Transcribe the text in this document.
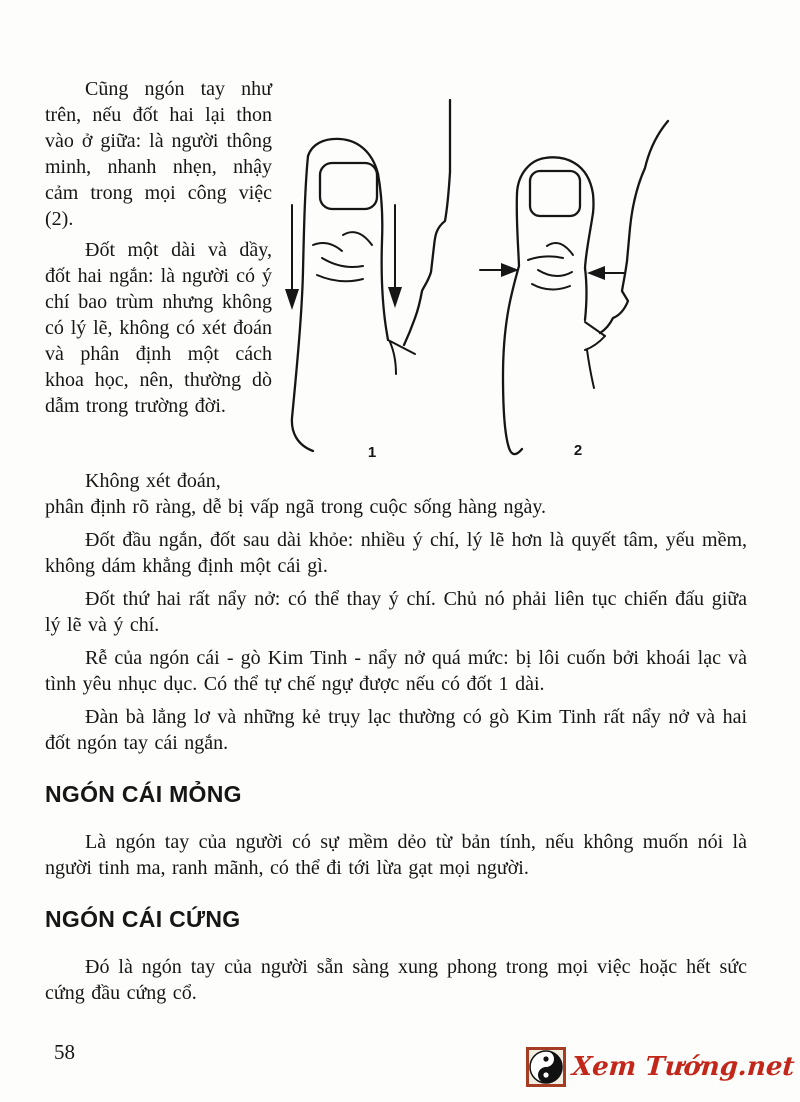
Cũng ngón tay như trên, nếu đốt hai lại thon vào ở giữa: là người thông minh, nhanh nhẹn, nhậy cảm trong mọi công việc (2).

Đốt một dài và dầy, đốt hai ngắn: là người có ý chí bao trùm nhưng không có lý lẽ, không có xét đoán và phân định một cách khoa học, nên, thường dò dẫm trong trường đời.

1	2

Không xét đoán,
phân định rõ ràng, dễ bị vấp ngã trong cuộc sống hàng ngày.

Đốt đầu ngắn, đốt sau dài khỏe: nhiều ý chí, lý lẽ hơn là quyết tâm, yếu mềm, không dám khẳng định một cái gì.

Đốt thứ hai rất nẩy nở: có thể thay ý chí. Chủ nó phải liên tục chiến đấu giữa lý lẽ và ý chí.

Rễ của ngón cái - gò Kim Tinh - nẩy nở quá mức: bị lôi cuốn bởi khoái lạc và tình yêu nhục dục. Có thể tự chế ngự được nếu có đốt 1 dài.

Đàn bà lẳng lơ và những kẻ trụy lạc thường có gò Kim Tinh rất nẩy nở và hai đốt ngón tay cái ngắn.

NGÓN CÁI MỎNG

Là ngón tay của người có sự mềm dẻo từ bản tính, nếu không muốn nói là người tinh ma, ranh mãnh, có thể đi tới lừa gạt mọi người.

NGÓN CÁI CỨNG

Đó là ngón tay của người sẵn sàng xung phong trong mọi việc hoặc hết sức cứng đầu cứng cổ.

58	Xem Tướng.net
